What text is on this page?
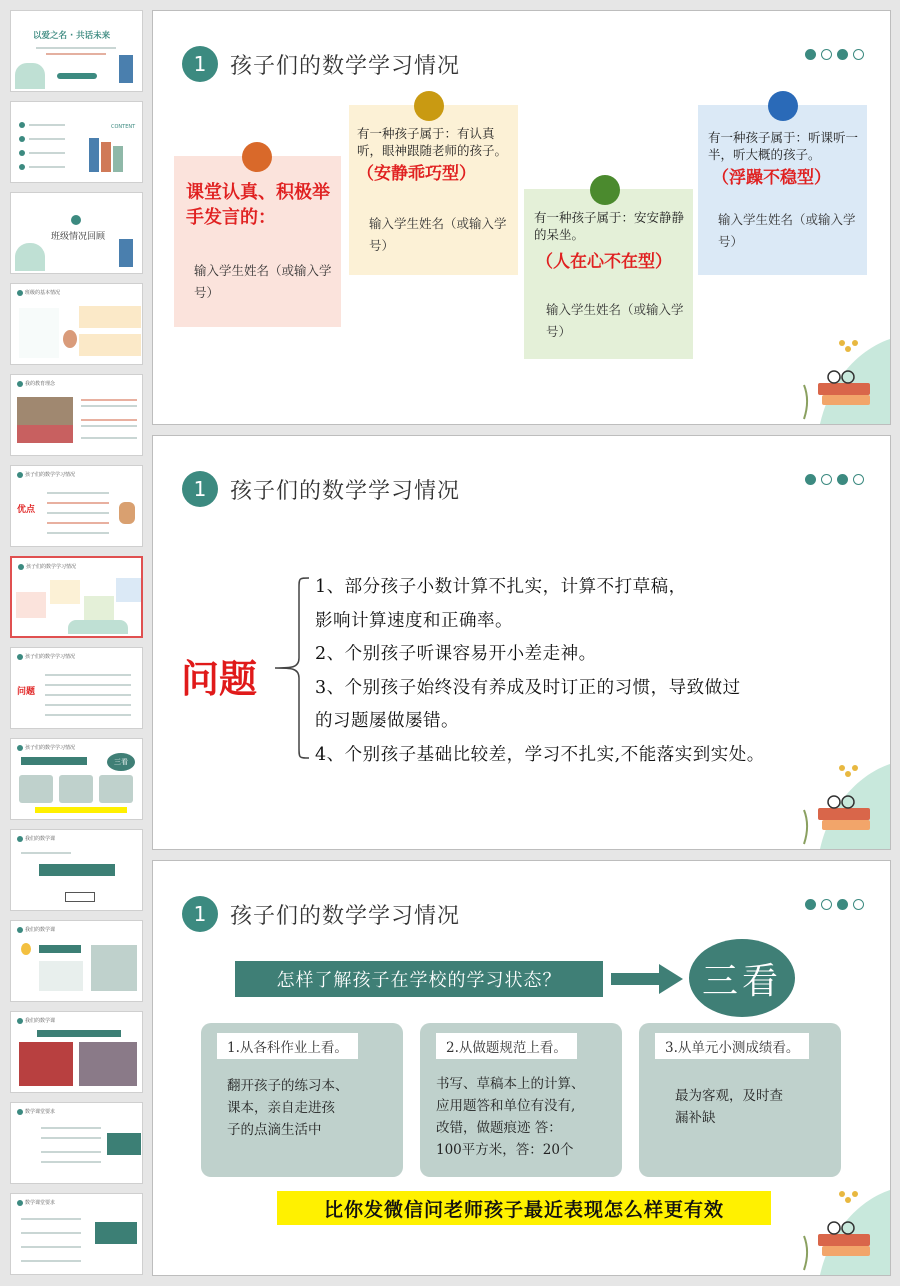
以爱之名 · 共话未来
CONTENT
班级情况回顾
班级的基本情况
我的教育理念
孩子们的数学学习情况
优点
孩子们的数学学习情况
孩子们的数学学习情况
问题
孩子们的数学学习情况
三看
我们的数学课
我们的数学课
我们的数学课
数学课堂要求
数学课堂要求
1	孩子们的数学学习情况
课堂认真、积极举手发言的：
输入学生姓名（或输入学号）
有一种孩子属于：有认真听，眼神跟随老师的孩子。
（安静乖巧型）
输入学生姓名（或输入学号）
有一种孩子属于：安安静静的呆坐。
（人在心不在型）
输入学生姓名（或输入学号）
有一种孩子属于：听课听一半，听大概的孩子。
（浮躁不稳型）
输入学生姓名（或输入学号）
1	孩子们的数学学习情况
问题
1、部分孩子小数计算不扎实，计算不打草稿，
影响计算速度和正确率。
2、个别孩子听课容易开小差走神。
3、个别孩子始终没有养成及时订正的习惯，导致做过
的习题屡做屡错。
4、个别孩子基础比较差，学习不扎实,不能落实到实处。
1	孩子们的数学学习情况
怎样了解孩子在学校的学习状态？	三看
1.从各科作业上看。
翻开孩子的练习本、
课本，亲自走进孩
子的点滴生活中
2.从做题规范上看。
书写、草稿本上的计算、
应用题答和单位有没有,
改错，做题痕迹 答：
100平方米，答：20个
3.从单元小测成绩看。
最为客观，及时查
漏补缺
比你发微信问老师孩子最近表现怎么样更有效
